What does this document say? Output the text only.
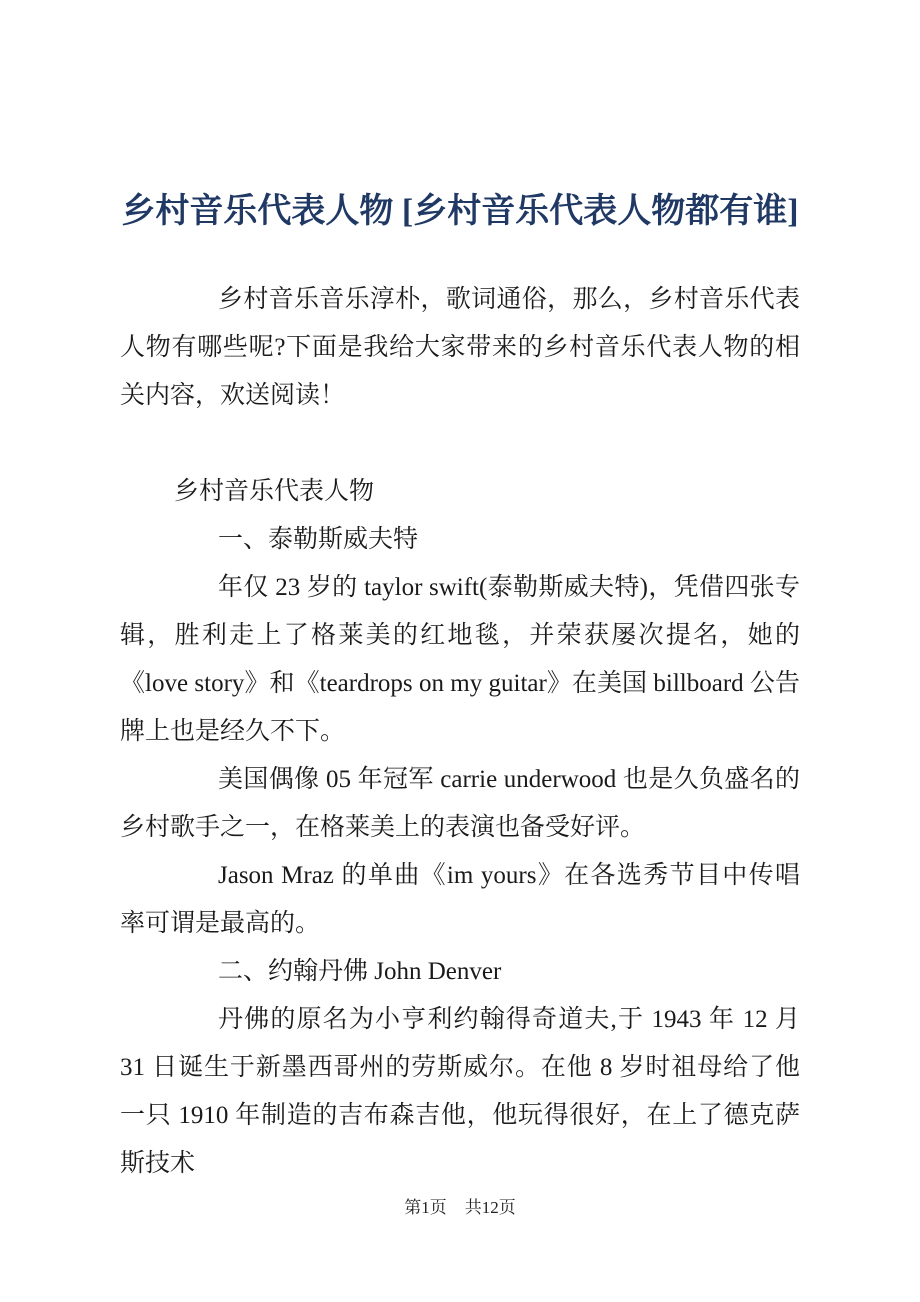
乡村音乐代表人物 [乡村音乐代表人物都有谁]

乡村音乐音乐淳朴，歌词通俗，那么，乡村音乐代表人物有哪些呢?下面是我给大家带来的乡村音乐代表人物的相关内容，欢送阅读！

乡村音乐代表人物

一、泰勒斯威夫特

年仅 23 岁的 taylor swift(泰勒斯威夫特)，凭借四张专辑，胜利走上了格莱美的红地毯，并荣获屡次提名，她的《love story》和《teardrops on my guitar》在美国 billboard 公告牌上也是经久不下。

美国偶像 05 年冠军 carrie underwood 也是久负盛名的乡村歌手之一，在格莱美上的表演也备受好评。

Jason Mraz 的单曲《im yours》在各选秀节目中传唱率可谓是最高的。

二、约翰丹佛 John Denver

丹佛的原名为小亨利约翰得奇道夫,于 1943 年 12 月 31 日诞生于新墨西哥州的劳斯威尔。在他 8 岁时祖母给了他一只 1910 年制造的吉布森吉他，他玩得很好，在上了德克萨斯技术

第1页 共12页
